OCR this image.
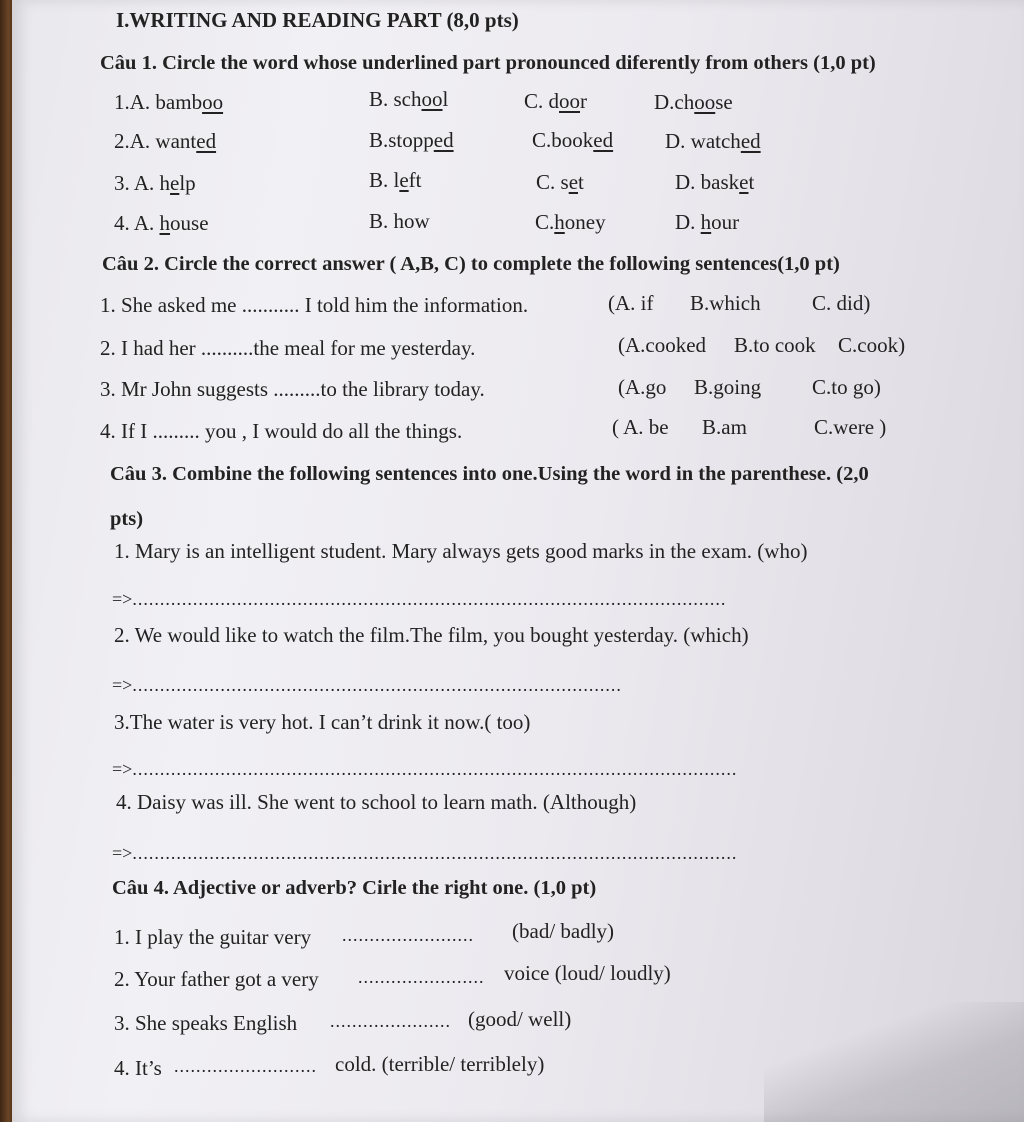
I.WRITING AND READING PART (8,0 pts)
Câu 1. Circle the word whose underlined part pronounced diferently from others (1,0 pt)
1.A. bamboo	B. school	C. door	D.choose
2.A. wanted	B.stopped	C.booked D. watched
3. A. help	B. left	C. set	D. basket
4. A. house	B. how	C.honey	D. hour
Câu 2. Circle the correct answer ( A,B, C) to complete the following sentences(1,0 pt)
1. She asked me ........... I told him the information.	(A. if B.which C. did)
2. I had her ..........the meal for me yesterday.	(A.cooked B.to cook C.cook)
3. Mr John suggests .........to the library today.	(A.go B.going C.to go)
4. If I ......... you , I would do all the things.	( A. be B.am	C.were )
Câu 3. Combine the following sentences into one.Using the word in the parenthese. (2,0
pts)
1. Mary is an intelligent student. Mary always gets good marks in the exam. (who)
=>............................................................................................................
2. We would like to watch the film.The film, you bought yesterday. (which)
=>.........................................................................................
3.The water is very hot. I can’t drink it now.( too)
=>..............................................................................................................
4. Daisy was ill. She went to school to learn math. (Although)
=>..............................................................................................................
Câu 4. Adjective or adverb? Cirle the right one. (1,0 pt)
1. I play the guitar very ........................ (bad/ badly)
2. Your father got a very ....................... voice (loud/ loudly)
3. She speaks English ...................... (good/ well)
4. It’s .......................... cold. (terrible/ terriblely)
